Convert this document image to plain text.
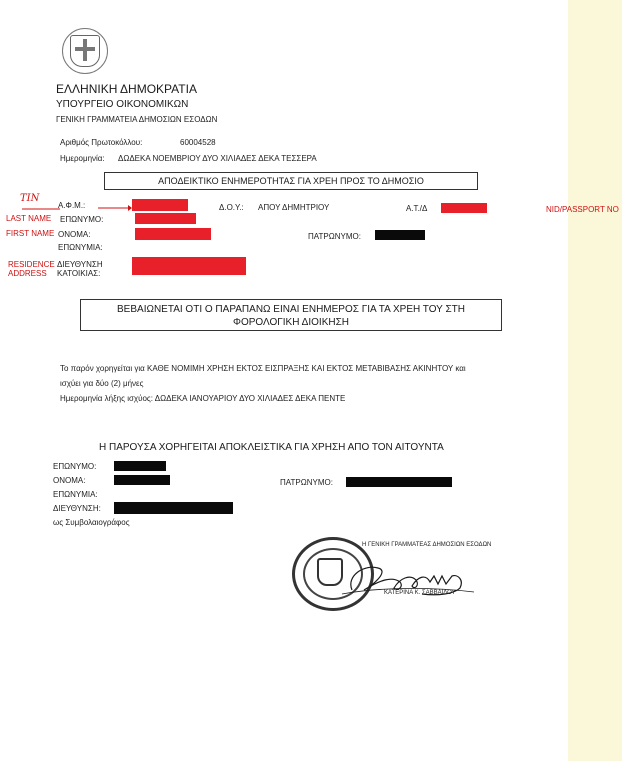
ΕΛΛΗΝΙΚΗ ΔΗΜΟΚΡΑΤΙΑ
ΥΠΟΥΡΓΕΙΟ ΟΙΚΟΝΟΜΙΚΩΝ
ΓΕΝΙΚΗ ΓΡΑΜΜΑΤΕΙΑ ΔΗΜΟΣΙΩΝ ΕΣΟΔΩΝ
Αριθμός Πρωτοκόλλου:	60004528
Ημερομηνία: ΔΩΔΕΚΑ ΝΟΕΜΒΡΙΟΥ ΔΥΟ ΧΙΛΙΑΔΕΣ ΔΕΚΑ ΤΕΣΣΕΡΑ
ΑΠΟΔΕΙΚΤΙΚΟ ΕΝΗΜΕΡΟΤΗΤΑΣ ΓΙΑ ΧΡΕΗ ΠΡΟΣ ΤΟ ΔΗΜΟΣΙΟ
TIN
LAST NAME
FIRST NAME
RESIDENCE
ADDRESS
Α.Φ.Μ.:	Δ.Ο.Υ.: ΑΠΟΥ ΔΗΜΗΤΡΙΟΥ	Α.Τ./Δ
ΕΠΩΝΥΜΟ:
ΟΝΟΜΑ:	ΠΑΤΡΩΝΥΜΟ:
ΕΠΩΝΥΜΙΑ:
ΔΙΕΥΘΥΝΣΗ
ΚΑΤΟΙΚΙΑΣ:
ΒΕΒΑΙΩΝΕΤΑΙ ΟΤΙ Ο ΠΑΡΑΠΑΝΩ ΕΙΝΑΙ ΕΝΗΜΕΡΟΣ ΓΙΑ ΤΑ ΧΡΕΗ ΤΟΥ ΣΤΗ
ΦΟΡΟΛΟΓΙΚΗ ΔΙΟΙΚΗΣΗ
Το παρόν χορηγείται για ΚΑΘΕ ΝΟΜΙΜΗ ΧΡΗΣΗ ΕΚΤΟΣ ΕΙΣΠΡΑΞΗΣ ΚΑΙ ΕΚΤΟΣ ΜΕΤΑΒΙΒΑΣΗΣ ΑΚΙΝΗΤΟΥ και
ισχύει για δύο (2) μήνες
Ημερομηνία λήξης ισχύος: ΔΩΔΕΚΑ ΙΑΝΟΥΑΡΙΟΥ ΔΥΟ ΧΙΛΙΑΔΕΣ ΔΕΚΑ ΠΕΝΤΕ
Η ΠΑΡΟΥΣΑ ΧΟΡΗΓΕΙΤΑΙ ΑΠΟΚΛΕΙΣΤΙΚΑ ΓΙΑ ΧΡΗΣΗ ΑΠΟ ΤΟΝ ΑΙΤΟΥΝΤΑ
ΕΠΩΝΥΜΟ:
ΟΝΟΜΑ:	ΠΑΤΡΩΝΥΜΟ:
ΕΠΩΝΥΜΙΑ:
ΔΙΕΥΘΥΝΣΗ:
ως Συμβολαιογράφος
Η ΓΕΝΙΚΗ ΓΡΑΜΜΑΤΕΑΣ ΔΗΜΟΣΙΩΝ ΕΣΟΔΩΝ
ΚΑΤΕΡΙΝΑ Κ. ΣΑΒΒΑΙΔΟΥ
NID/PASSPORT NO
